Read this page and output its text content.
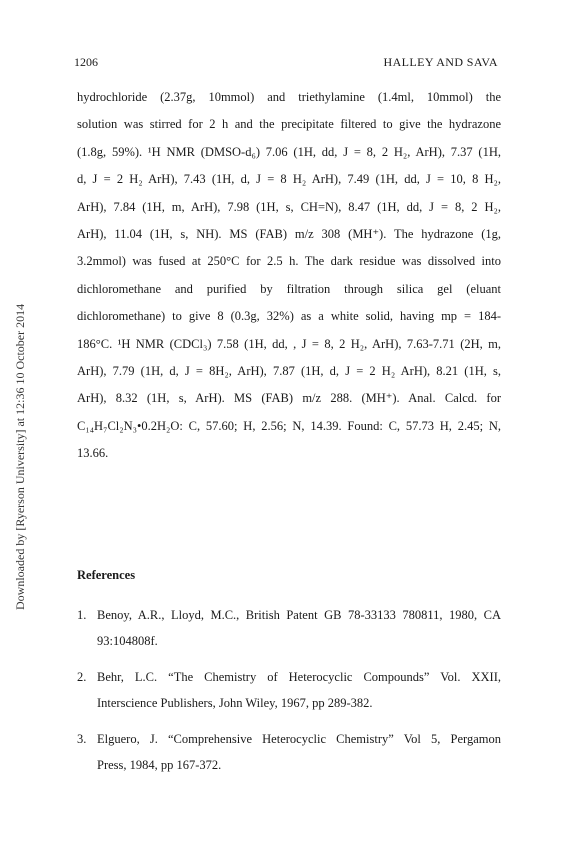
1206	HALLEY AND SAVA
Downloaded by [Ryerson University] at 12:36 10 October 2014
hydrochloride (2.37g, 10mmol) and triethylamine (1.4ml, 10mmol) the
solution was stirred for 2 h and the precipitate filtered to give the hydrazone
(1.8g, 59%). ¹H NMR (DMSO-d₆) 7.06 (1H, dd, J = 8, 2 H₂, ArH), 7.37 (1H,
d, J = 2 H₂ ArH), 7.43 (1H, d, J = 8 H₂ ArH), 7.49 (1H, dd, J = 10, 8 H₂,
ArH), 7.84 (1H, m, ArH), 7.98 (1H, s, CH=N), 8.47 (1H, dd, J = 8, 2 H₂,
ArH), 11.04 (1H, s, NH). MS (FAB) m/z 308 (MH⁺). The hydrazone (1g,
3.2mmol) was fused at 250°C for 2.5 h. The dark residue was dissolved into
dichloromethane and purified by filtration through silica gel (eluant
dichloromethane) to give 8 (0.3g, 32%) as a white solid, having mp = 184-
186°C. ¹H NMR (CDCl₃) 7.58 (1H, dd, , J = 8, 2 H₂, ArH), 7.63-7.71 (2H, m,
ArH), 7.79 (1H, d, J = 8H₂, ArH), 7.87 (1H, d, J = 2 H₂ ArH), 8.21 (1H, s,
ArH), 8.32 (1H, s, ArH). MS (FAB) m/z 288. (MH⁺). Anal. Calcd. for
C₁₄H₇Cl₂N₃•0.2H₂O: C, 57.60; H, 2.56; N, 14.39. Found: C, 57.73 H, 2.45; N,
13.66.
References
1. Benoy, A.R., Lloyd, M.C., British Patent GB 78-33133 780811, 1980, CA
93:104808f.
2. Behr, L.C. “The Chemistry of Heterocyclic Compounds” Vol. XXII,
Interscience Publishers, John Wiley, 1967, pp 289-382.
3. Elguero, J. “Comprehensive Heterocyclic Chemistry” Vol 5, Pergamon
Press, 1984, pp 167-372.
